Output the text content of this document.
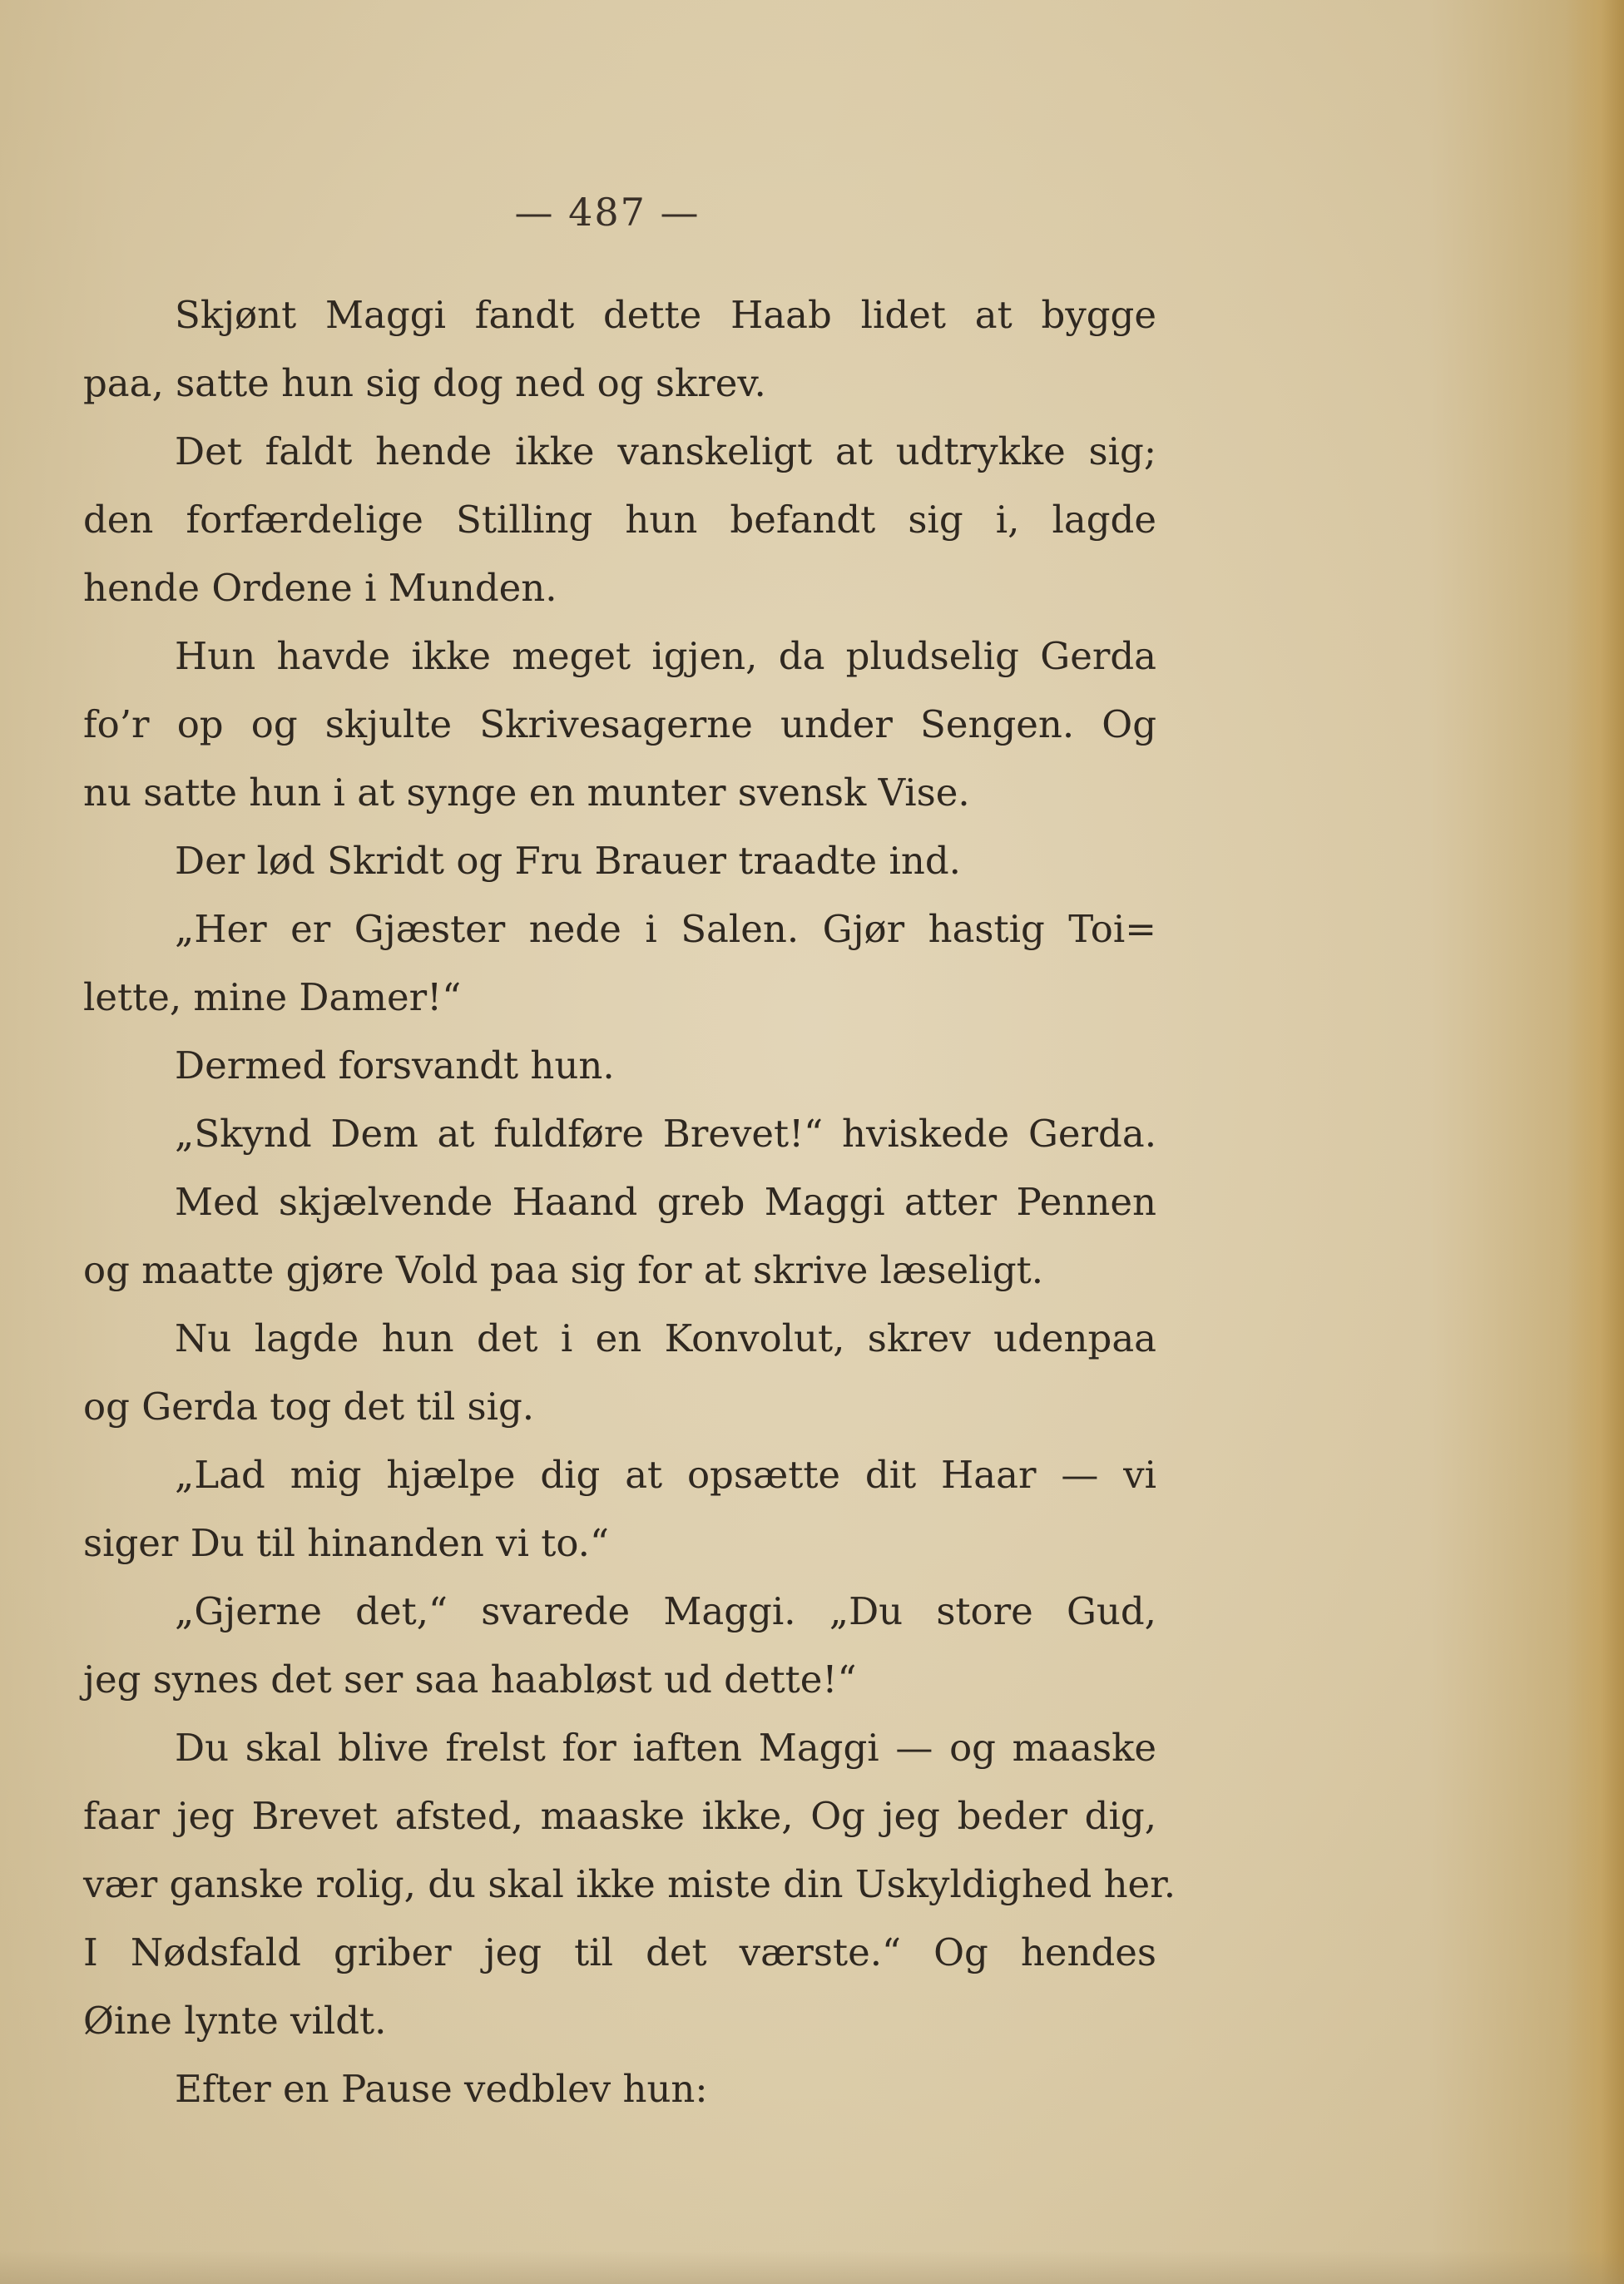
— 487 —
Skjønt Maggi fandt dette Haab lidet at bygge
paa, satte hun sig dog ned og skrev.
Det faldt hende ikke vanskeligt at udtrykke sig;
den forfærdelige Stilling hun befandt sig i, lagde
hende Ordene i Munden.
Hun havde ikke meget igjen, da pludselig Gerda
fo’r op og skjulte Skrivesagerne under Sengen. Og
nu satte hun i at synge en munter svensk Vise.
Der lød Skridt og Fru Brauer traadte ind.
„Her er Gjæster nede i Salen. Gjør hastig Toi=
lette, mine Damer!“
Dermed forsvandt hun.
„Skynd Dem at fuldføre Brevet!“ hviskede Gerda.
Med skjælvende Haand greb Maggi atter Pennen
og maatte gjøre Vold paa sig for at skrive læseligt.
Nu lagde hun det i en Konvolut, skrev udenpaa
og Gerda tog det til sig.
„Lad mig hjælpe dig at opsætte dit Haar — vi
siger Du til hinanden vi to.“
„Gjerne det,“ svarede Maggi. „Du store Gud,
jeg synes det ser saa haabløst ud dette!“
Du skal blive frelst for iaften Maggi — og maaske
faar jeg Brevet afsted, maaske ikke, Og jeg beder dig,
vær ganske rolig, du skal ikke miste din Uskyldighed her.
I Nødsfald griber jeg til det værste.“ Og hendes
Øine lynte vildt.
Efter en Pause vedblev hun:
